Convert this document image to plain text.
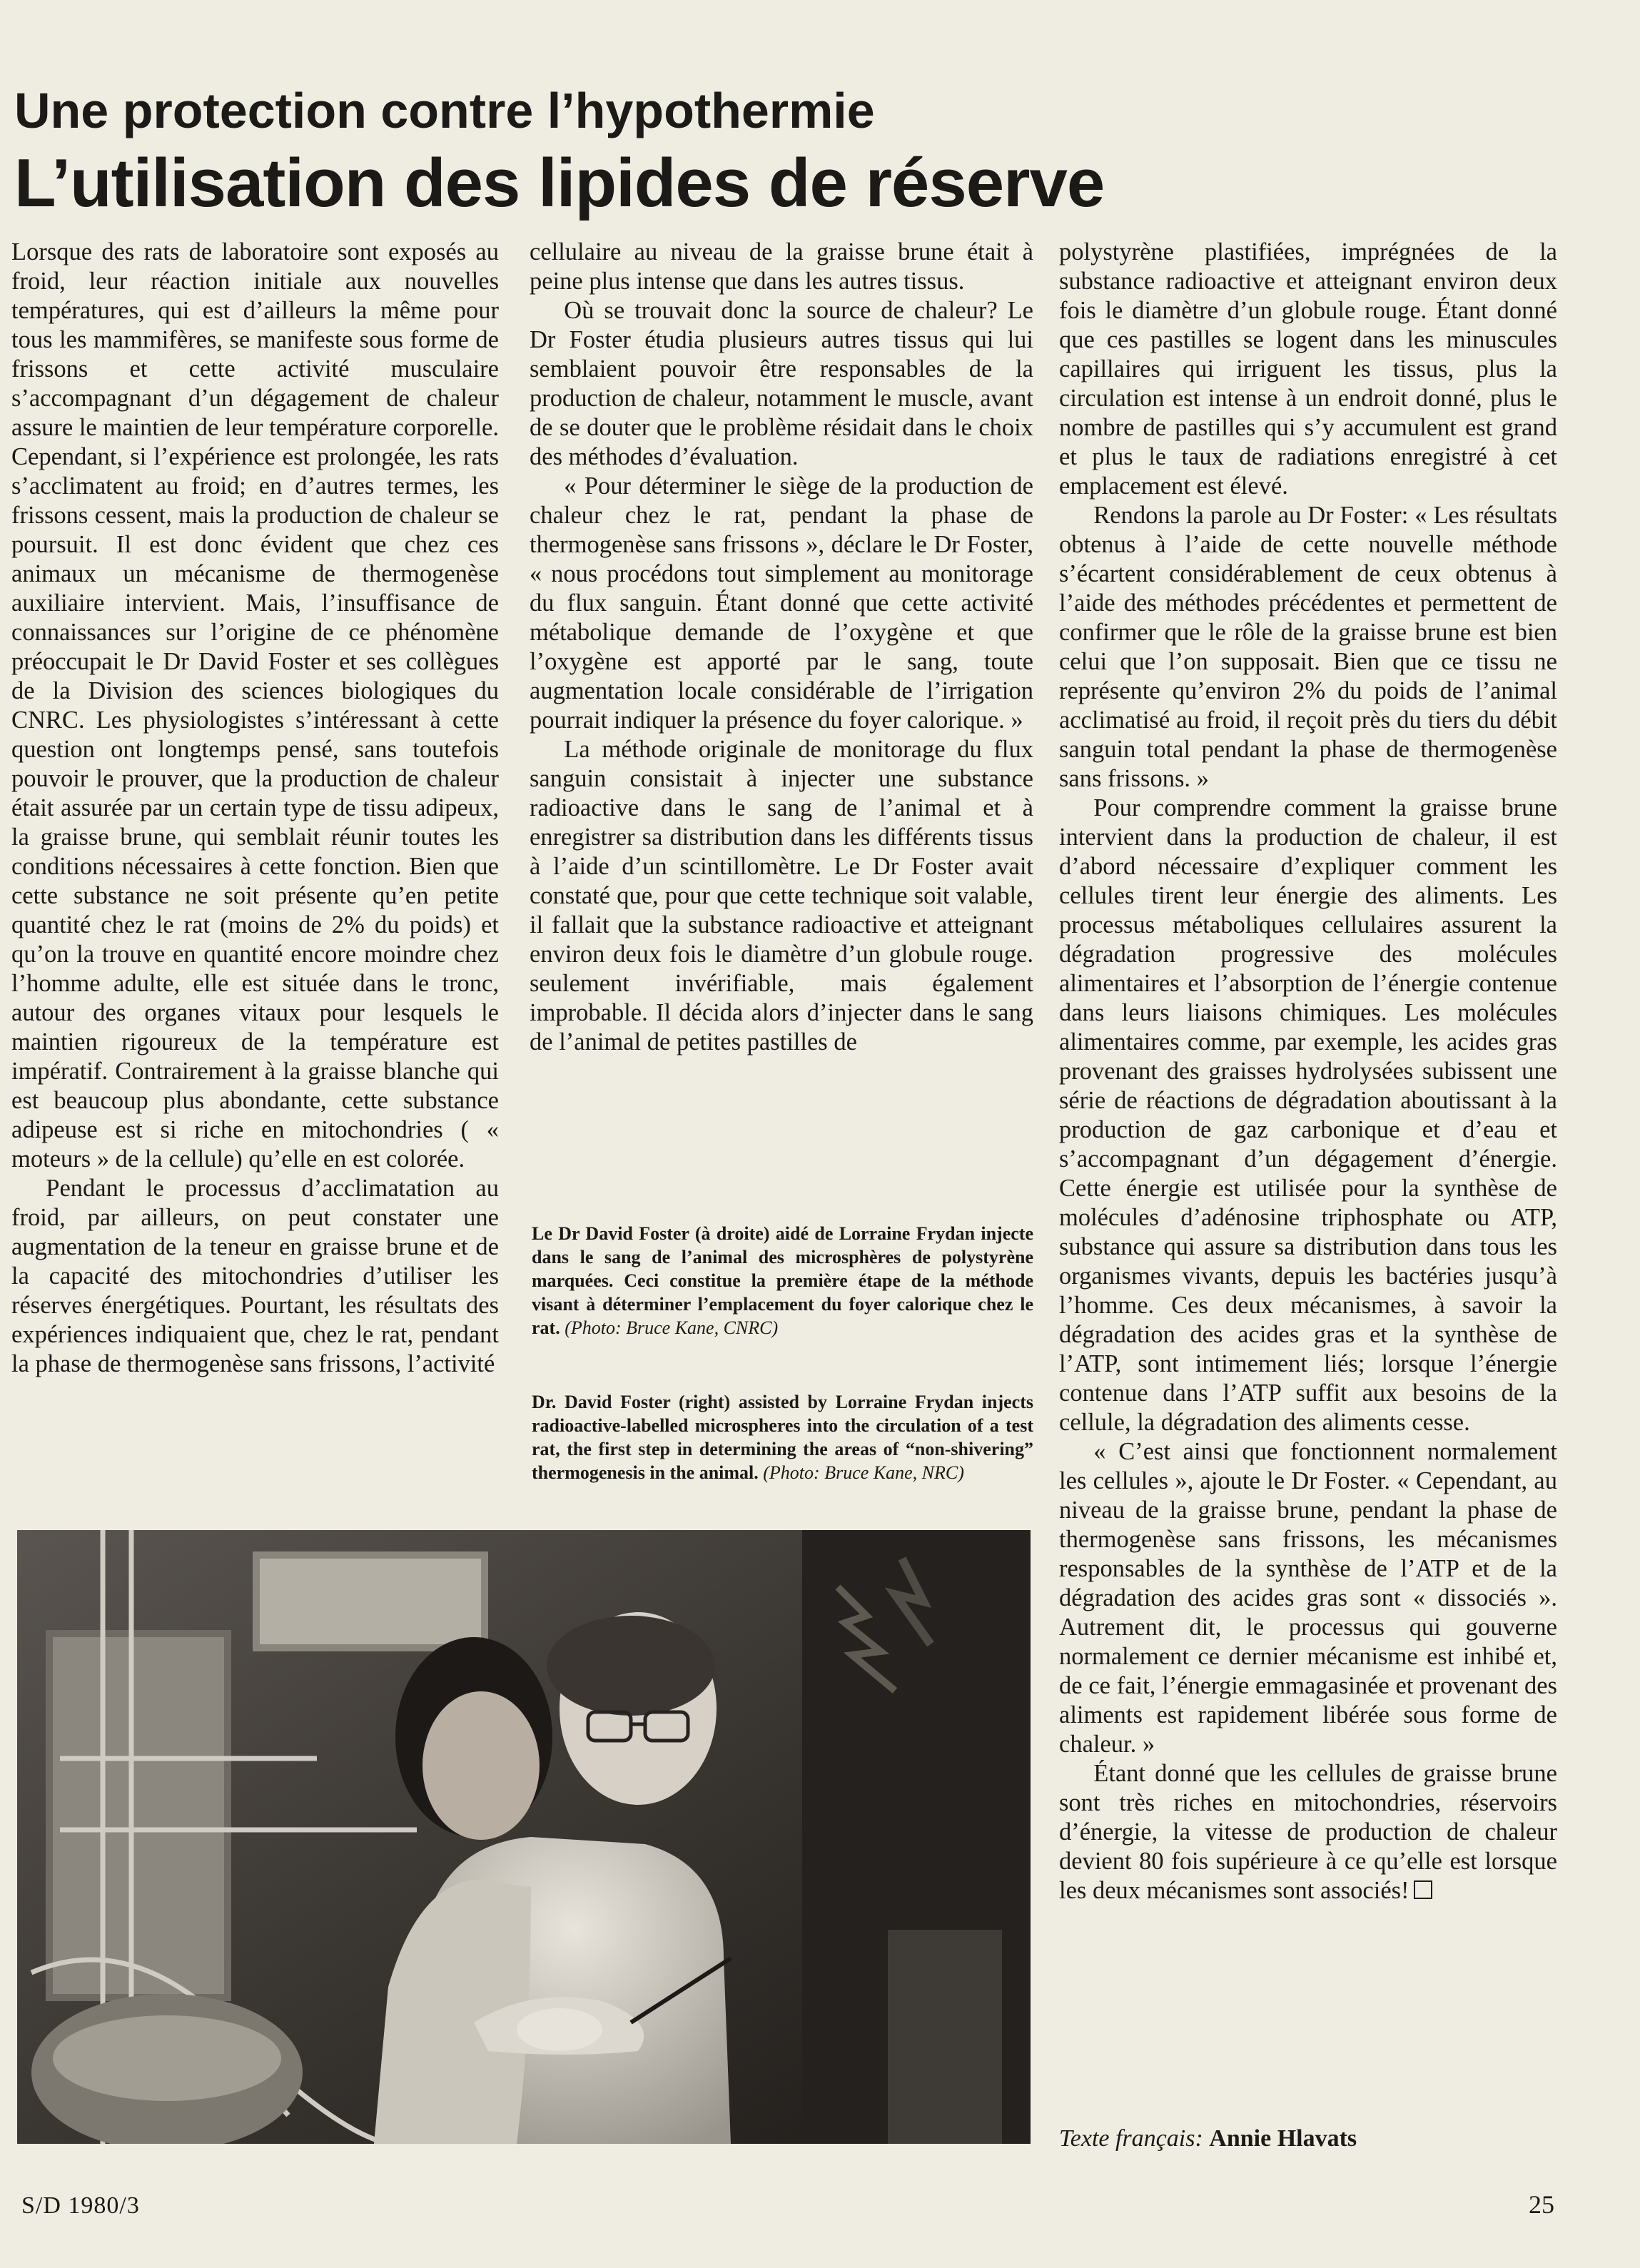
Une protection contre l’hypothermie
L’utilisation des lipides de réserve

Lorsque des rats de laboratoire sont exposés au froid, leur réaction initiale aux nouvelles températures, qui est d’ailleurs la même pour tous les mammifères, se manifeste sous forme de frissons et cette activité musculaire s’accompagnant d’un dégagement de chaleur assure le maintien de leur température corporelle. Cependant, si l’expérience est prolongée, les rats s’acclimatent au froid; en d’autres termes, les frissons cessent, mais la production de chaleur se poursuit. Il est donc évident que chez ces animaux un mécanisme de thermogenèse auxiliaire intervient. Mais, l’insuffisance de connaissances sur l’origine de ce phénomène préoccupait le Dr David Foster et ses collègues de la Division des sciences biologiques du CNRC. Les physiologistes s’intéressant à cette question ont longtemps pensé, sans toutefois pouvoir le prouver, que la production de chaleur était assurée par un certain type de tissu adipeux, la graisse brune, qui semblait réunir toutes les conditions nécessaires à cette fonction. Bien que cette substance ne soit présente qu’en petite quantité chez le rat (moins de 2% du poids) et qu’on la trouve en quantité encore moindre chez l’homme adulte, elle est située dans le tronc, autour des organes vitaux pour lesquels le maintien rigoureux de la température est impératif. Contrairement à la graisse blanche qui est beaucoup plus abondante, cette substance adipeuse est si riche en mitochondries ( « moteurs » de la cellule) qu’elle en est colorée.

Pendant le processus d’acclimatation au froid, par ailleurs, on peut constater une augmentation de la teneur en graisse brune et de la capacité des mitochondries d’utiliser les réserves énergétiques. Pourtant, les résultats des expériences indiquaient que, chez le rat, pendant la phase de thermogenèse sans frissons, l’activité

cellulaire au niveau de la graisse brune était à peine plus intense que dans les autres tissus.

Où se trouvait donc la source de chaleur? Le Dr Foster étudia plusieurs autres tissus qui lui semblaient pouvoir être responsables de la production de chaleur, notamment le muscle, avant de se douter que le problème résidait dans le choix des méthodes d’évaluation.

« Pour déterminer le siège de la production de chaleur chez le rat, pendant la phase de thermogenèse sans frissons », déclare le Dr Foster, « nous procédons tout simplement au monitorage du flux sanguin. Étant donné que cette activité métabolique demande de l’oxygène et que l’oxygène est apporté par le sang, toute augmentation locale considérable de l’irrigation pourrait indiquer la présence du foyer calorique. »

La méthode originale de monitorage du flux sanguin consistait à injecter une substance radioactive dans le sang de l’animal et à enregistrer sa distribution dans les différents tissus à l’aide d’un scintillomètre. Le Dr Foster avait constaté que, pour que cette technique soit valable, il fallait que la substance radioactive et atteignant environ deux fois le diamètre d’un globule rouge. seulement invérifiable, mais également improbable. Il décida alors d’injecter dans le sang de l’animal de petites pastilles de

Le Dr David Foster (à droite) aidé de Lorraine Frydan injecte dans le sang de l’animal des microsphères de polystyrène marquées. Ceci constitue la première étape de la méthode visant à déterminer l’emplacement du foyer calorique chez le rat. (Photo: Bruce Kane, CNRC)
Dr. David Foster (right) assisted by Lorraine Frydan injects radioactive-labelled microspheres into the circulation of a test rat, the first step in determining the areas of “non-shivering” thermogenesis in the animal. (Photo: Bruce Kane, NRC)

polystyrène plastifiées, imprégnées de la substance radioactive et atteignant environ deux fois le diamètre d’un globule rouge. Étant donné que ces pastilles se logent dans les minuscules capillaires qui irriguent les tissus, plus la circulation est intense à un endroit donné, plus le nombre de pastilles qui s’y accumulent est grand et plus le taux de radiations enregistré à cet emplacement est élevé.

Rendons la parole au Dr Foster: « Les résultats obtenus à l’aide de cette nouvelle méthode s’écartent considérablement de ceux obtenus à l’aide des méthodes précédentes et permettent de confirmer que le rôle de la graisse brune est bien celui que l’on supposait. Bien que ce tissu ne représente qu’environ 2% du poids de l’animal acclimatisé au froid, il reçoit près du tiers du débit sanguin total pendant la phase de thermogenèse sans frissons. »

Pour comprendre comment la graisse brune intervient dans la production de chaleur, il est d’abord nécessaire d’expliquer comment les cellules tirent leur énergie des aliments. Les processus métaboliques cellulaires assurent la dégradation progressive des molécules alimentaires et l’absorption de l’énergie contenue dans leurs liaisons chimiques. Les molécules alimentaires comme, par exemple, les acides gras provenant des graisses hydrolysées subissent une série de réactions de dégradation aboutissant à la production de gaz carbonique et d’eau et s’accompagnant d’un dégagement d’énergie. Cette énergie est utilisée pour la synthèse de molécules d’adénosine triphosphate ou ATP, substance qui assure sa distribution dans tous les organismes vivants, depuis les bactéries jusqu’à l’homme. Ces deux mécanismes, à savoir la dégradation des acides gras et la synthèse de l’ATP, sont intimement liés; lorsque l’énergie contenue dans l’ATP suffit aux besoins de la cellule, la dégradation des aliments cesse.

« C’est ainsi que fonctionnent normalement les cellules », ajoute le Dr Foster. « Cependant, au niveau de la graisse brune, pendant la phase de thermogenèse sans frissons, les mécanismes responsables de la synthèse de l’ATP et de la dégradation des acides gras sont « dissociés ». Autrement dit, le processus qui gouverne normalement ce dernier mécanisme est inhibé et, de ce fait, l’énergie emmagasinée et provenant des aliments est rapidement libérée sous forme de chaleur. »

Étant donné que les cellules de graisse brune sont très riches en mitochondries, réservoirs d’énergie, la vitesse de production de chaleur devient 80 fois supérieure à ce qu’elle est lorsque les deux mécanismes sont associés!

Texte français: Annie Hlavats
S/D 1980/3	25
